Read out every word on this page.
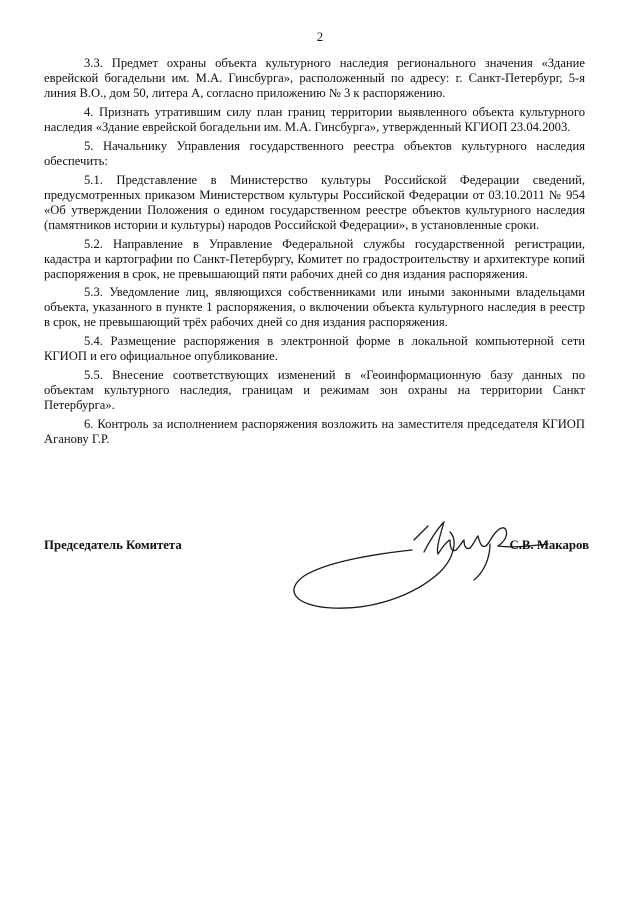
2

3.3. Предмет охраны объекта культурного наследия регионального значения «Здание еврейской богадельни им. М.А. Гинсбурга», расположенный по адресу: г. Санкт-Петербург, 5-я линия В.О., дом 50, литера А, согласно приложению № 3 к распоряжению.

4. Признать утратившим силу план границ территории выявленного объекта культурного наследия «Здание еврейской богадельни им. М.А. Гинсбурга», утвержденный КГИОП 23.04.2003.

5. Начальнику Управления государственного реестра объектов культурного наследия обеспечить:

5.1. Представление в Министерство культуры Российской Федерации сведений, предусмотренных приказом Министерством культуры Российской Федерации от 03.10.2011 № 954 «Об утверждении Положения о едином государственном реестре объектов культурного наследия (памятников истории и культуры) народов Российской Федерации», в установленные сроки.

5.2. Направление в Управление Федеральной службы государственной регистрации, кадастра и картографии по Санкт-Петербургу, Комитет по градостроительству и архитектуре копий распоряжения в срок, не превышающий пяти рабочих дней со дня издания распоряжения.

5.3. Уведомление лиц, являющихся собственниками или иными законными владельцами объекта, указанного в пункте 1 распоряжения, о включении объекта культурного наследия в реестр в срок, не превышающий трёх рабочих дней со дня издания распоряжения.

5.4. Размещение распоряжения в электронной форме в локальной компьютерной сети КГИОП и его официальное опубликование.

5.5. Внесение соответствующих изменений в «Геоинформационную базу данных по объектам культурного наследия, границам и режимам зон охраны на территории Санкт Петербурга».

6. Контроль за исполнением распоряжения возложить на заместителя председателя КГИОП Аганову Г.Р.

Председатель Комитета	С.В. Макаров
